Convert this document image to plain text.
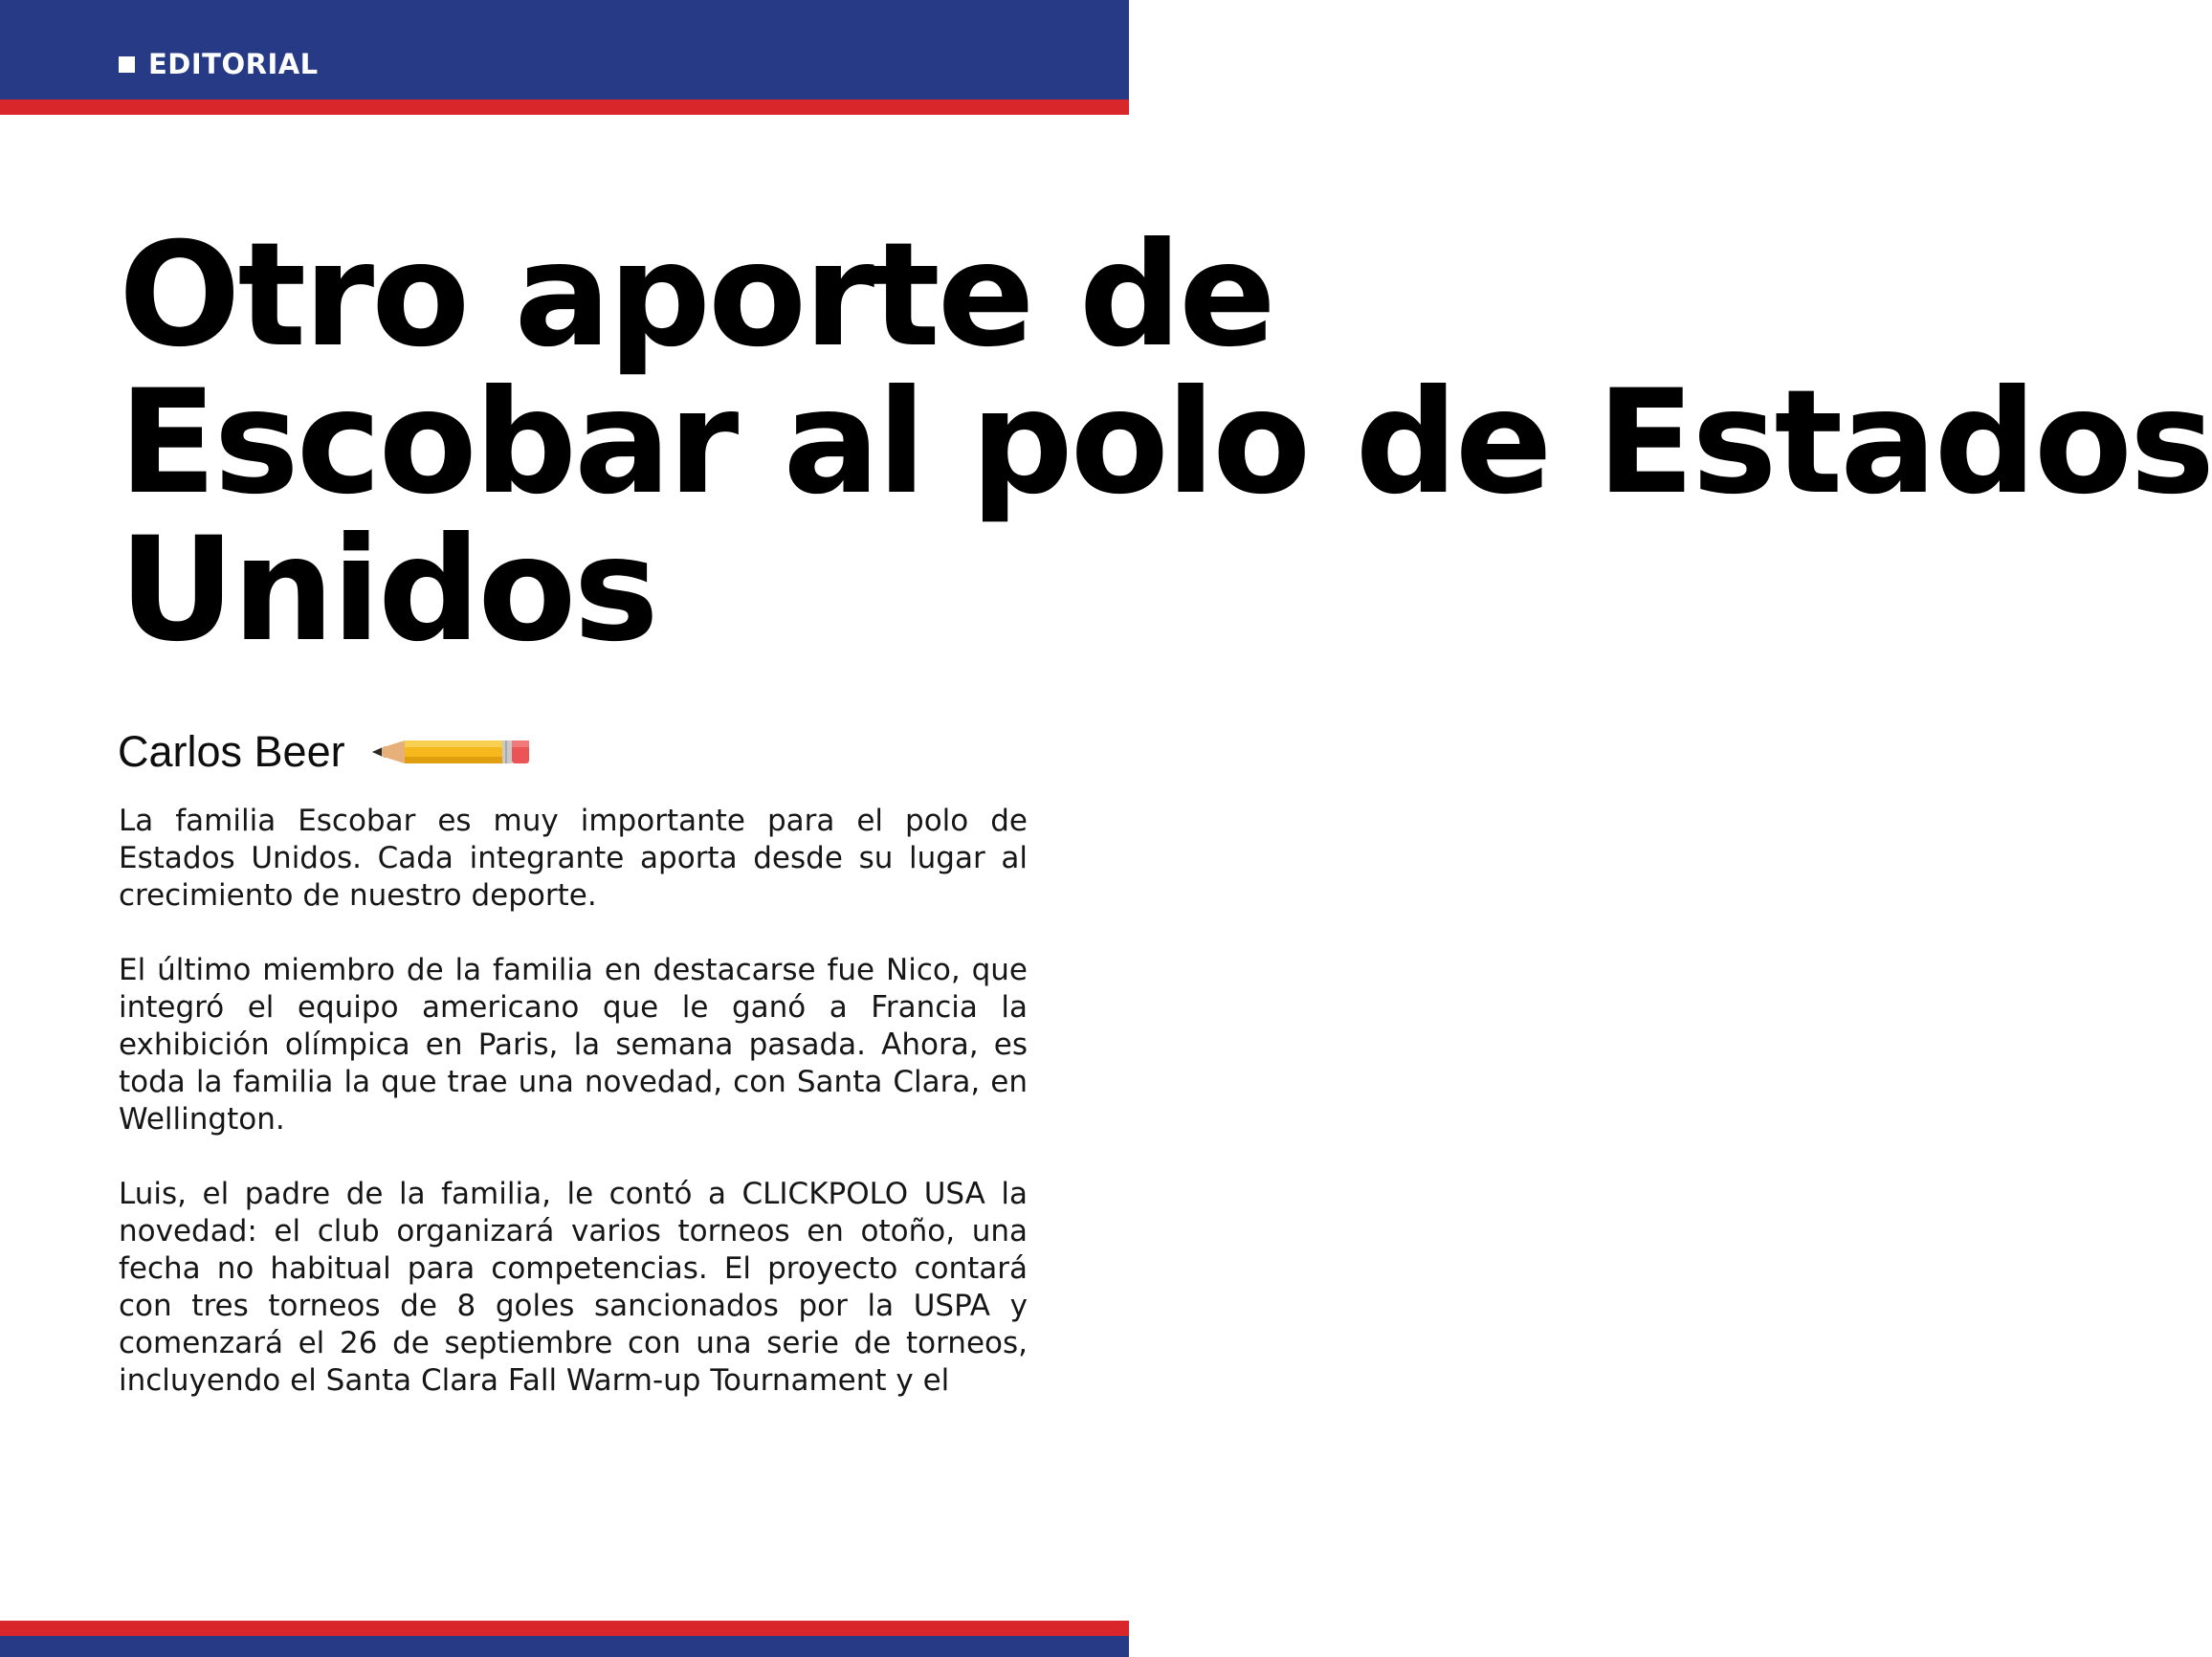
EDITORIAL
Otro aporte de
Escobar al polo de Estados
Unidos
Carlos Beer

La familia Escobar es muy importante para el polo de Estados Unidos. Cada integrante aporta desde su lugar al crecimiento de nuestro deporte.

El último miembro de la familia en destacarse fue Nico, que integró el equipo americano que le ganó a Francia la exhibición olímpica en Paris, la semana pasada. Ahora, es toda la familia la que trae una novedad, con Santa Clara, en Wellington.

Luis, el padre de la familia, le contó a CLICKPOLO USA la novedad: el club organizará varios torneos en otoño, una fecha no habitual para competencias. El proyecto contará con tres torneos de 8 goles sancionados por la USPA y comenzará el 26 de septiembre con una serie de torneos, incluyendo el Santa Clara Fall Warm-up Tournament y el
